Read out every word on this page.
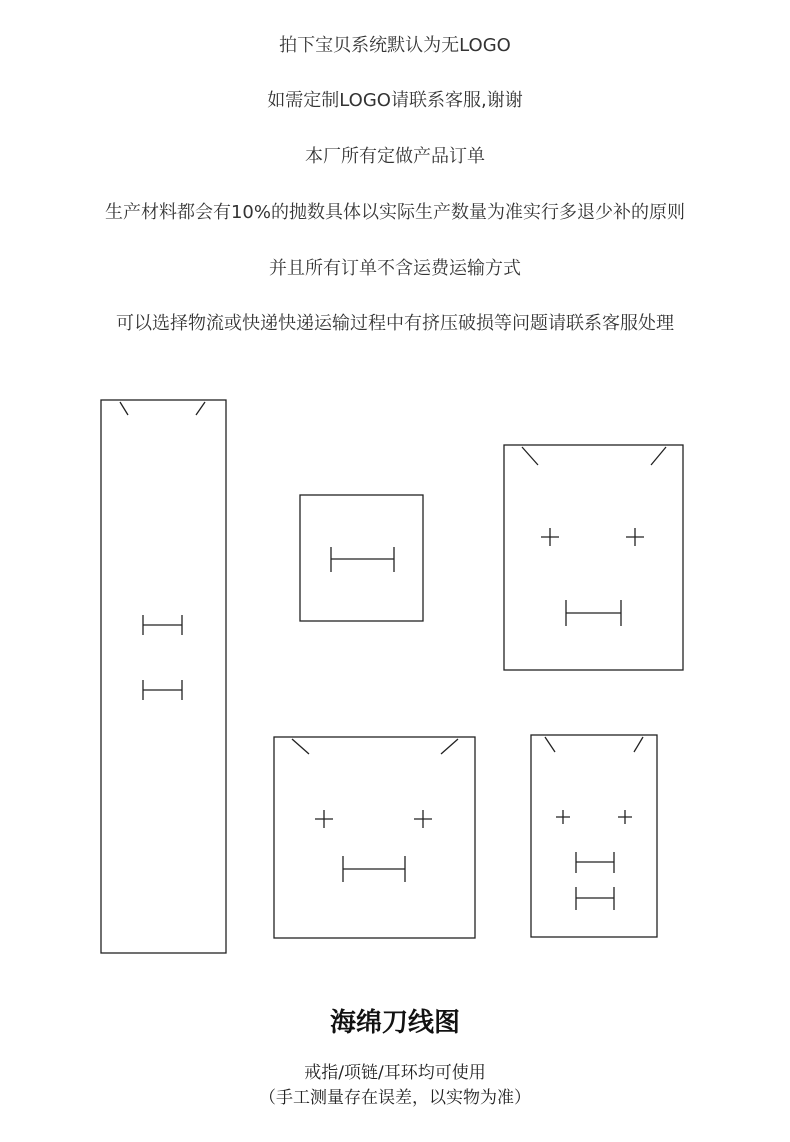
拍下宝贝系统默认为无LOGO
如需定制LOGO请联系客服,谢谢
本厂所有定做产品订单
生产材料都会有10%的抛数具体以实际生产数量为准实行多退少补的原则
并且所有订单不含运费运输方式
可以选择物流或快递快递运输过程中有挤压破损等问题请联系客服处理
海绵刀线图
戒指/项链/耳环均可使用
（手工测量存在误差，以实物为准）
